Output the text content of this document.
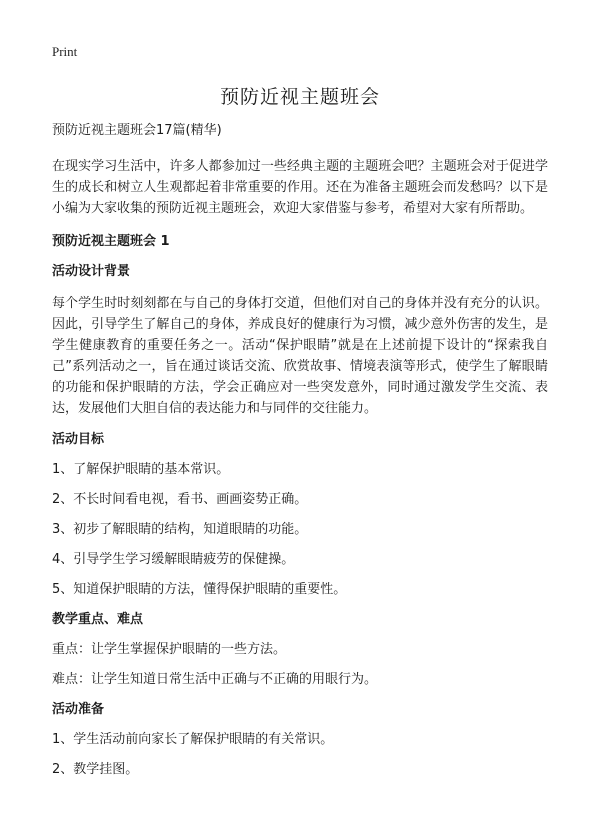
Print
预防近视主题班会

预防近视主题班会17篇(精华)

在现实学习生活中，许多人都参加过一些经典主题的主题班会吧？主题班会对于促进学生的成长和树立人生观都起着非常重要的作用。还在为准备主题班会而发愁吗？以下是小编为大家收集的预防近视主题班会，欢迎大家借鉴与参考，希望对大家有所帮助。

预防近视主题班会 1

活动设计背景

每个学生时时刻刻都在与自己的身体打交道，但他们对自己的身体并没有充分的认识。因此，引导学生了解自己的身体，养成良好的健康行为习惯，减少意外伤害的发生，是学生健康教育的重要任务之一。活动“保护眼睛”就是在上述前提下设计的“探索我自己”系列活动之一，旨在通过谈话交流、欣赏故事、情境表演等形式，使学生了解眼睛的功能和保护眼睛的方法，学会正确应对一些突发意外，同时通过激发学生交流、表达，发展他们大胆自信的表达能力和与同伴的交往能力。

活动目标

1、了解保护眼睛的基本常识。

2、不长时间看电视，看书、画画姿势正确。

3、初步了解眼睛的结构，知道眼睛的功能。

4、引导学生学习缓解眼睛疲劳的保健操。

5、知道保护眼睛的方法，懂得保护眼睛的重要性。

教学重点、难点

重点：让学生掌握保护眼睛的一些方法。

难点：让学生知道日常生活中正确与不正确的用眼行为。

活动准备

1、学生活动前向家长了解保护眼睛的有关常识。

2、教学挂图。
